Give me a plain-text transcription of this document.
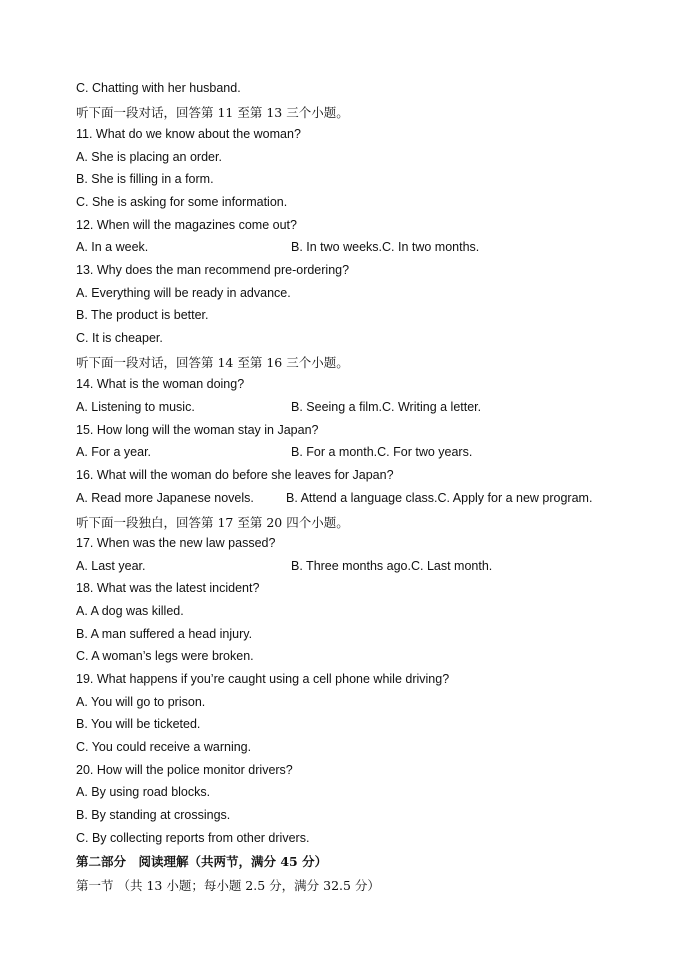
C. Chatting with her husband.
听下面一段对话，回答第 11 至第 13 三个小题。
11. What do we know about the woman?
A. She is placing an order.
B. She is filling in a form.
C. She is asking for some information.
12. When will the magazines come out?
A. In a week.	B. In two weeks.C. In two months.
13. Why does the man recommend pre-ordering?
A. Everything will be ready in advance.
B. The product is better.
C. It is cheaper.
听下面一段对话，回答第 14 至第 16 三个小题。
14. What is the woman doing?
A. Listening to music.	B. Seeing a film.C. Writing a letter.
15. How long will the woman stay in Japan?
A. For a year.	B. For a month.C. For two years.
16. What will the woman do before she leaves for Japan?
A. Read more Japanese novels.	B. Attend a language class.C. Apply for a new program.
听下面一段独白，回答第 17 至第 20 四个小题。
17. When was the new law passed?
A. Last year.	B. Three months ago.C. Last month.
18. What was the latest incident?
A. A dog was killed.
B. A man suffered a head injury.
C. A woman’s legs were broken.
19. What happens if you’re caught using a cell phone while driving?
A. You will go to prison.
B. You will be ticketed.
C. You could receive a warning.
20. How will the police monitor drivers?
A. By using road blocks.
B. By standing at crossings.
C. By collecting reports from other drivers.
第二部分　阅读理解（共两节，满分 45 分）
第一节 （共 13 小题；每小题 2.5 分，满分 32.5 分）
